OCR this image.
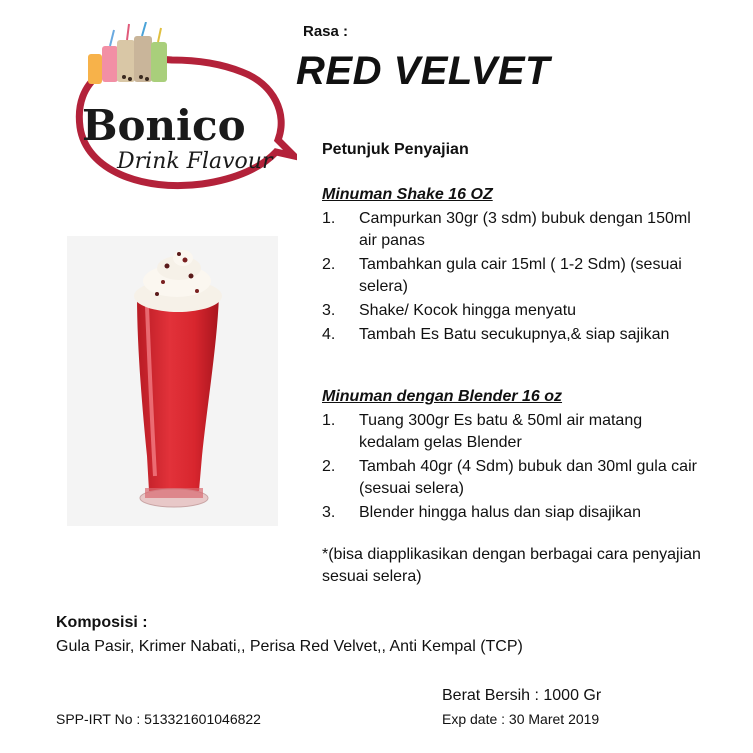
Bonico
Drink Flavour
Rasa :
RED VELVET
Petunjuk Penyajian
Minuman Shake 16 OZ
1. Campurkan 30gr (3 sdm) bubuk dengan 150ml air panas
2. Tambahkan gula cair 15ml ( 1-2 Sdm) (sesuai selera)
3. Shake/ Kocok hingga menyatu
4. Tambah Es Batu secukupnya,& siap sajikan
Minuman dengan Blender 16 oz
1. Tuang 300gr Es batu & 50ml air matang kedalam gelas Blender
2. Tambah 40gr (4 Sdm) bubuk dan 30ml gula cair (sesuai selera)
3. Blender hingga halus dan siap disajikan
*(bisa diapplikasikan dengan berbagai cara penyajian sesuai selera)
Komposisi :
Gula Pasir, Krimer Nabati,, Perisa Red Velvet,, Anti Kempal (TCP)
Berat Bersih : 1000 Gr
SPP-IRT No : 513321601046822	Exp date : 30 Maret 2019
